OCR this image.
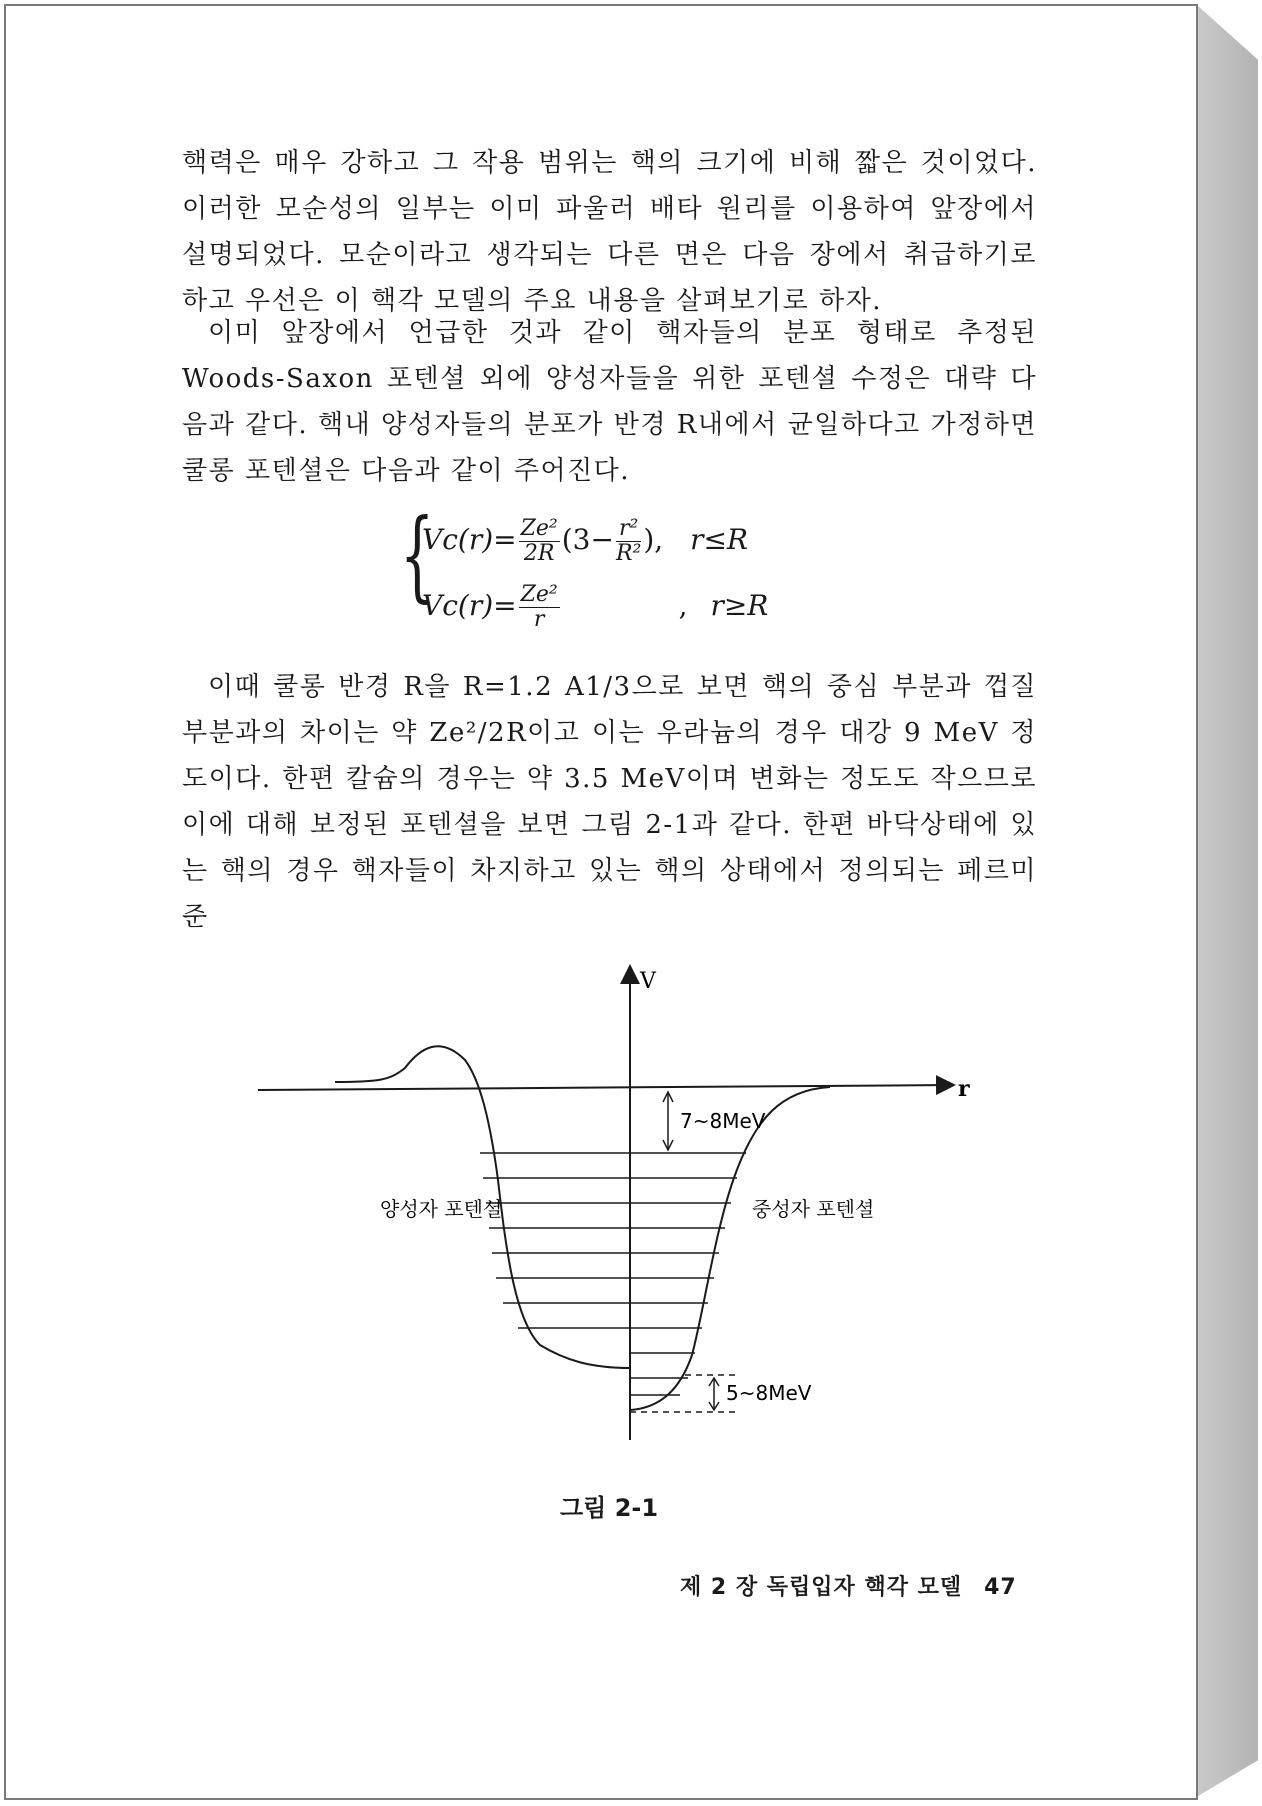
핵력은 매우 강하고 그 작용 범위는 핵의 크기에 비해 짧은 것이었다. 이러한 모순성의 일부는 이미 파울러 배타 원리를 이용하여 앞장에서 설명되었다. 모순이라고 생각되는 다른 면은 다음 장에서 취급하기로 하고 우선은 이 핵각 모델의 주요 내용을 살펴보기로 하자.

이미 앞장에서 언급한 것과 같이 핵자들의 분포 형태로 추정된 Woods-Saxon 포텐셜 외에 양성자들을 위한 포텐셜 수정은 대략 다음과 같다. 핵내 양성자들의 분포가 반경 R내에서 균일하다고 가정하면 쿨롱 포텐셜은 다음과 같이 주어진다.

{
$Vc(r)= \frac{\text{Ze²}}{2R} (3- \frac{\text{r²}}{\text{R²}}$ ), r≤R
$Vc(r)= \frac{\text{Ze²}}{r}$	, r≥R

이때 쿨롱 반경 R을 R=1.2 A1/3으로 보면 핵의 중심 부분과 껍질 부분과의 차이는 약 Ze²/2R이고 이는 우라늄의 경우 대강 9 MeV 정도이다. 한편 칼슘의 경우는 약 3.5 MeV이며 변화는 정도도 작으므로 이에 대해 보정된 포텐셜을 보면 그림 2-1과 같다. 한편 바닥상태에 있는 핵의 경우 핵자들이 차지하고 있는 핵의 상태에서 정의되는 페르미 준

V
r
7~8MeV
5~8MeV
양성자 포텐셜	중성자 포텐셜
그림 2-1
제 2 장 독립입자 핵각 모델 47
